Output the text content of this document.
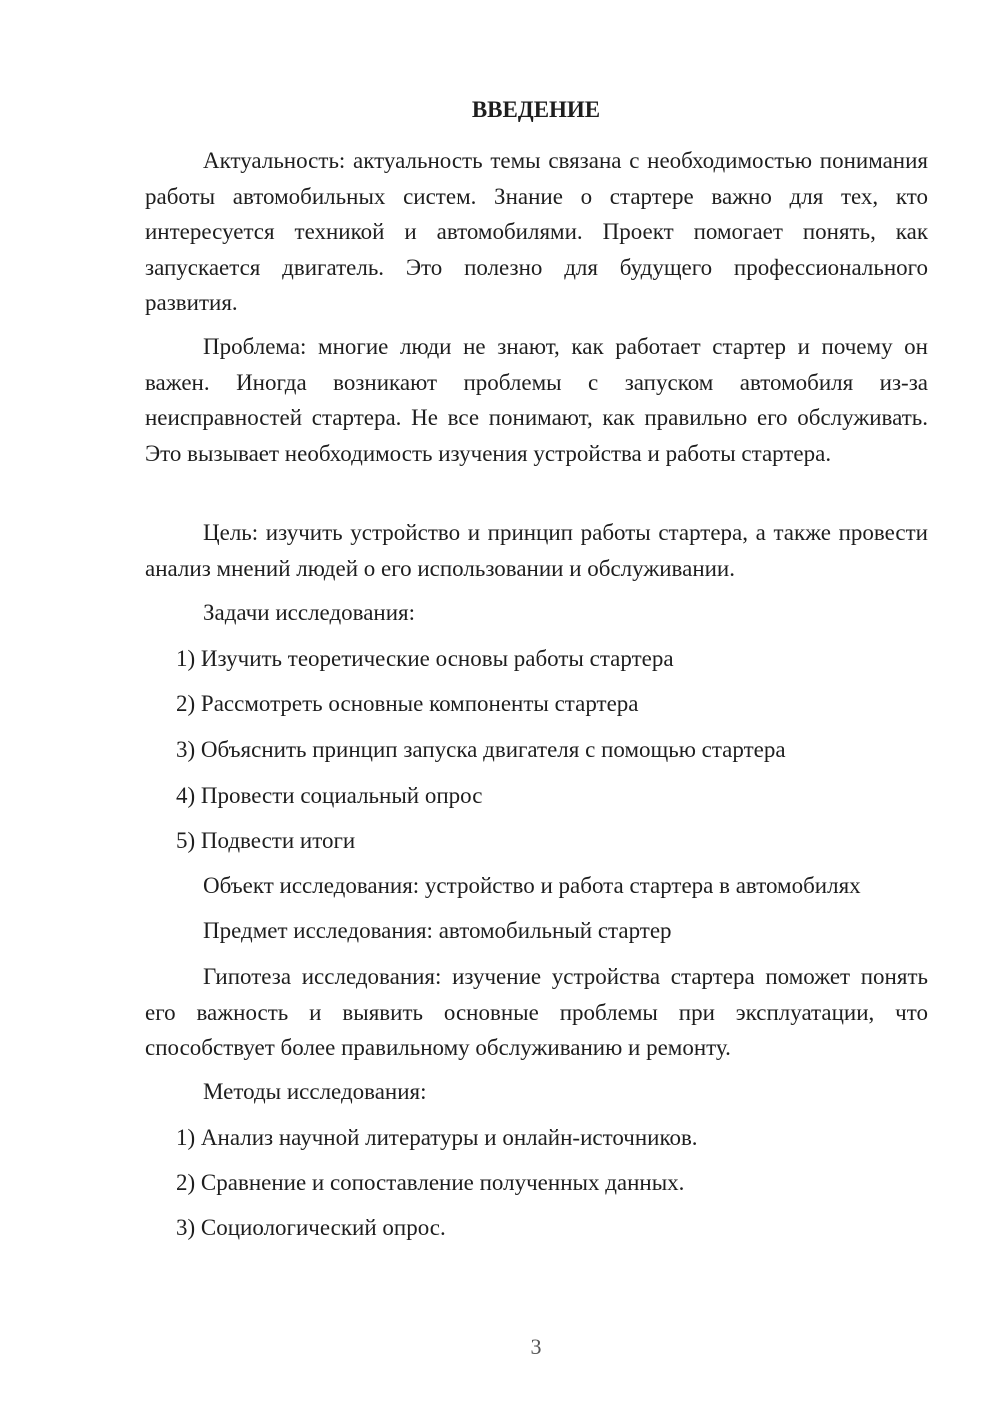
ВВЕДЕНИЕ

Актуальность: актуальность темы связана с необходимостью понимания работы автомобильных систем. Знание о стартере важно для тех, кто интересуется техникой и автомобилями. Проект помогает понять, как запускается двигатель. Это полезно для будущего профессионального развития.

Проблема: многие люди не знают, как работает стартер и почему он важен. Иногда возникают проблемы с запуском автомобиля из-за неисправностей стартера. Не все понимают, как правильно его обслуживать. Это вызывает необходимость изучения устройства и работы стартера.

Цель: изучить устройство и принцип работы стартера, а также провести анализ мнений людей о его использовании и обслуживании.

Задачи исследования:

1) Изучить теоретические основы работы стартера

2) Рассмотреть основные компоненты стартера

3) Объяснить принцип запуска двигателя с помощью стартера

4) Провести социальный опрос

5) Подвести итоги

Объект исследования: устройство и работа стартера в автомобилях

Предмет исследования: автомобильный стартер

Гипотеза исследования: изучение устройства стартера поможет понять его важность и выявить основные проблемы при эксплуатации, что способствует более правильному обслуживанию и ремонту.

Методы исследования:

1) Анализ научной литературы и онлайн-источников.

2) Сравнение и сопоставление полученных данных.

3) Социологический опрос.

3
